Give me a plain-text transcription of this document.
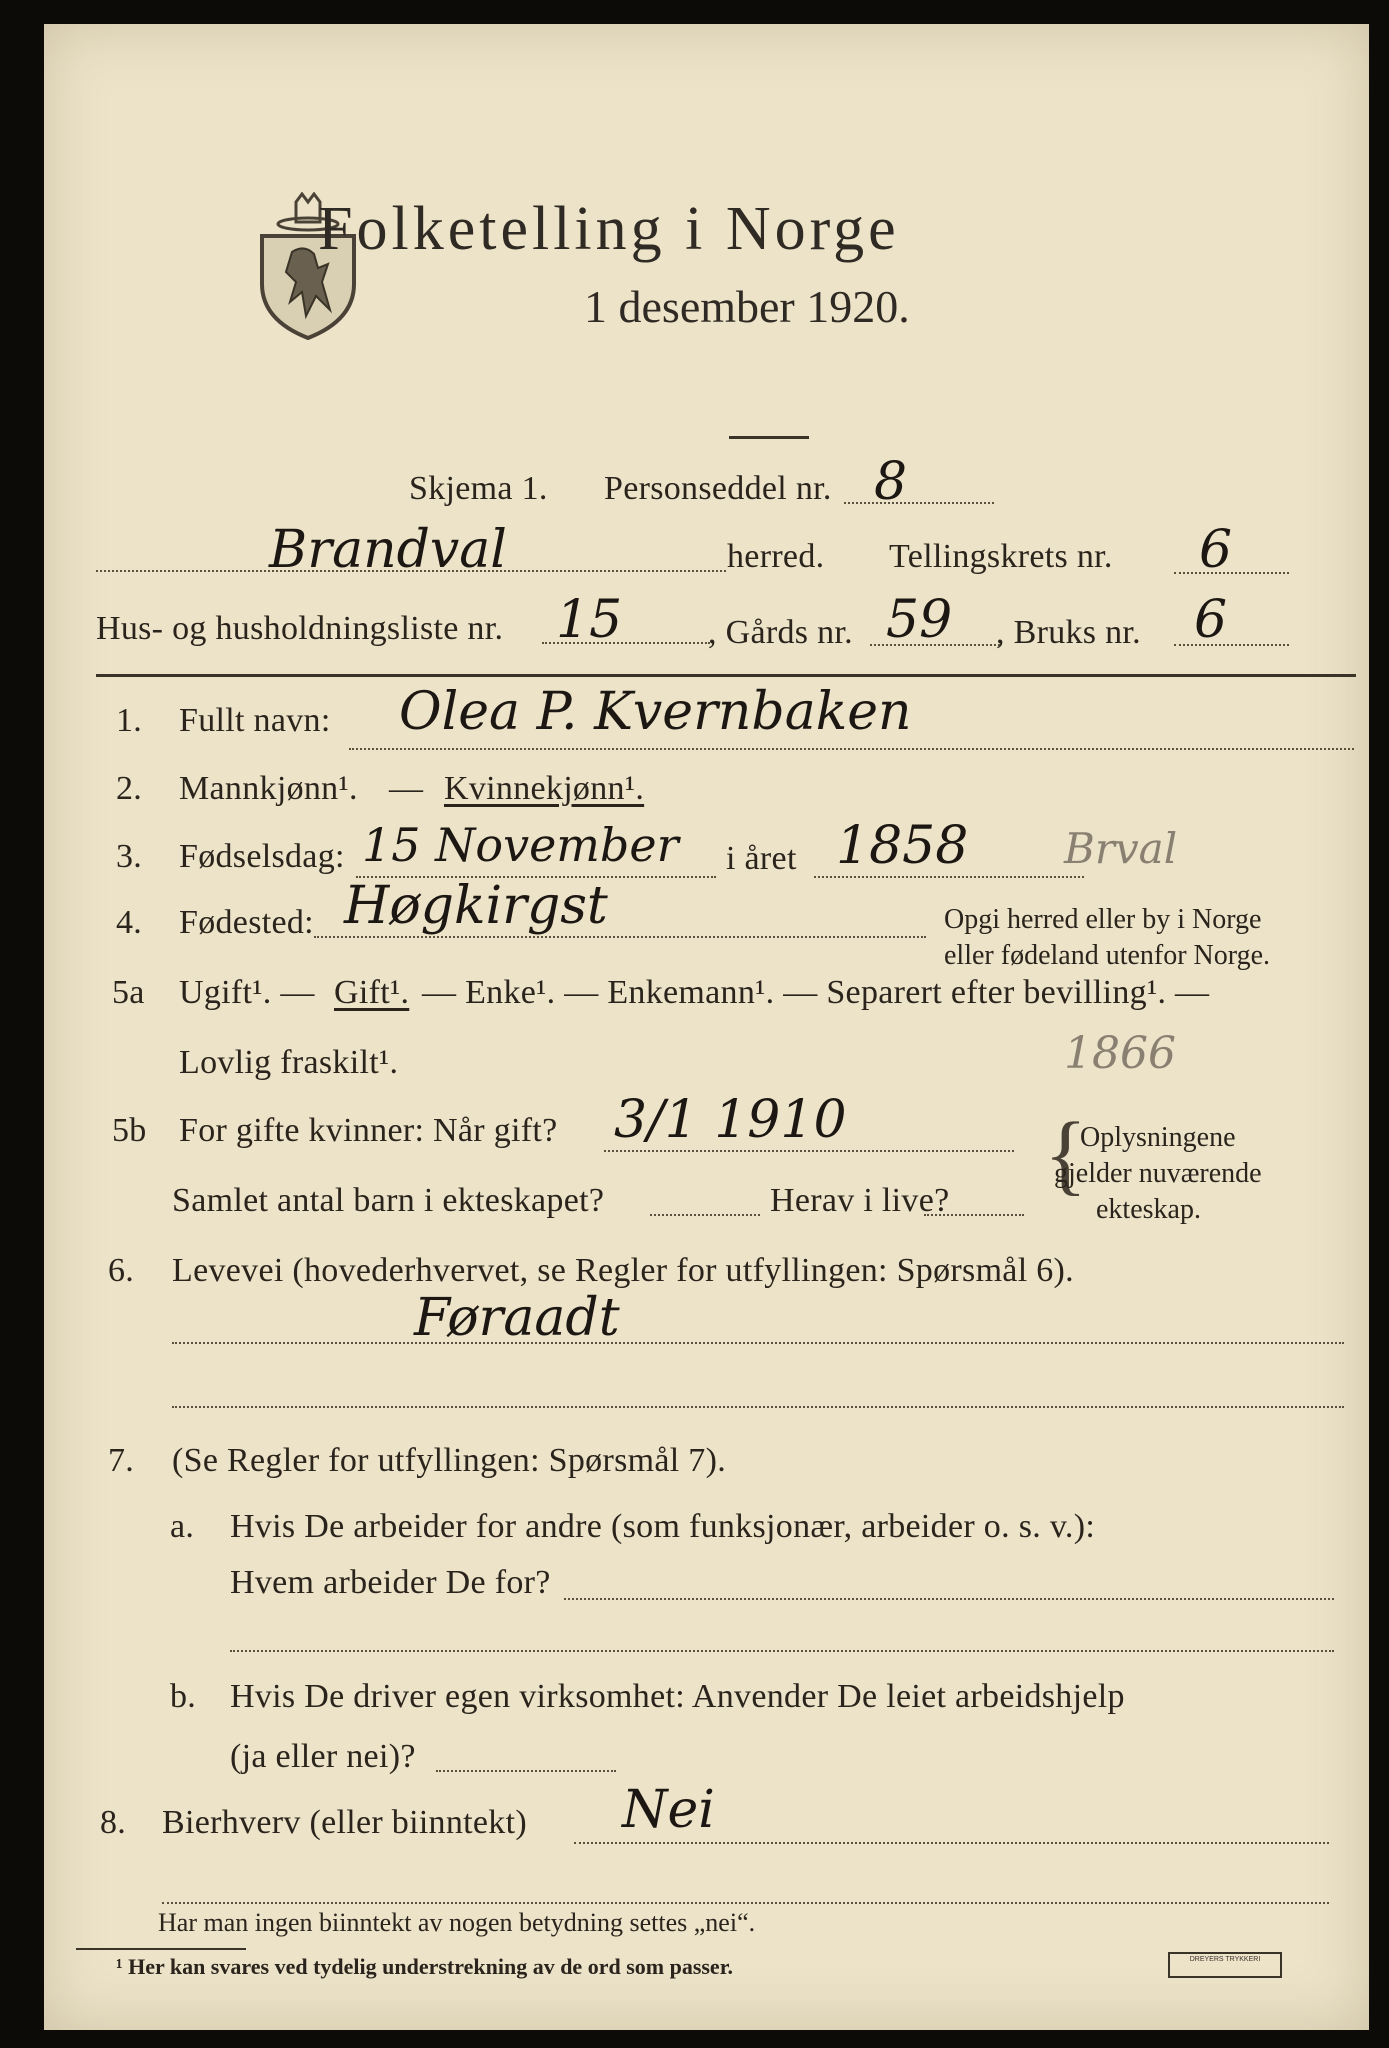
Folketelling i Norge
1 desember 1920.
Skjema 1. Personseddel nr. 8
Brandval	herred. Tellingskrets nr. 6
Hus- og husholdningsliste nr. 15	, Gårds nr. 59 , Bruks nr. 6
1. Fullt navn: Olea P. Kvernbaken
2. Mannkjønn¹. — Kvinnekjønn¹.
3. Fødselsdag: 15 November i året 1858 Brval
4. Fødested: Høgkirgst	Opgi herred eller by i Norge
eller fødeland utenfor Norge.
5a Ugift¹. — Gift¹. — Enke¹. — Enkemann¹. — Separert efter bevilling¹. —
Lovlig fraskilt¹.	1866
5b For gifte kvinner: Når gift? 3/1 1910
Samlet antal barn i ekteskapet?	Herav i live? {
Oplysningene
gjelder nuværende
ekteskap.
6. Levevei (hovederhvervet, se Regler for utfyllingen: Spørsmål 6).
Føraadt
7. (Se Regler for utfyllingen: Spørsmål 7).
a. Hvis De arbeider for andre (som funksjonær, arbeider o. s. v.):
Hvem arbeider De for?
b. Hvis De driver egen virksomhet: Anvender De leiet arbeidshjelp
(ja eller nei)?
8. Bierhverv (eller biinntekt) Nei
Har man ingen biinntekt av nogen betydning settes „nei“.
¹ Her kan svares ved tydelig understrekning av de ord som passer.	DREYERS TRYKKERI
